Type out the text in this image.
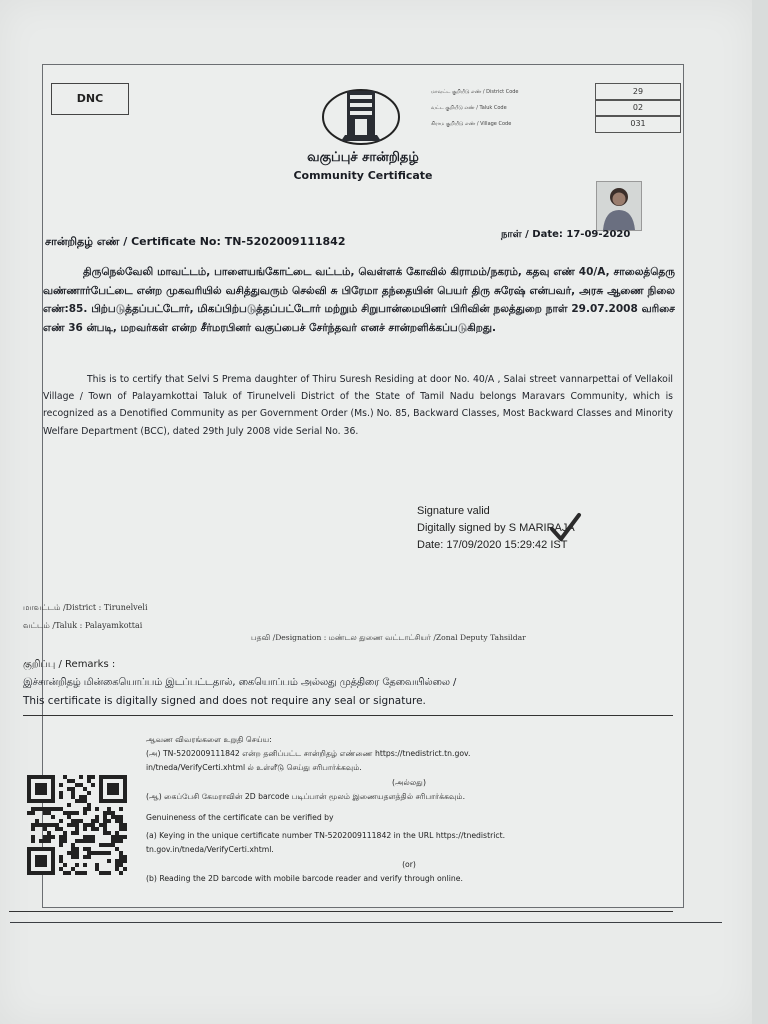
DNC	மாவட்ட குறியீடு எண் / District Code	29
வட்ட குறியீடு எண் / Taluk Code	02
கிராம குறியீடு எண் / Village Code	031
வகுப்புச் சான்றிதழ்
Community Certificate
சான்றிதழ் எண் / Certificate No: TN-5202009111842
நாள் / Date: 17-09-2020
திருநெல்வேலி மாவட்டம், பாளையங்கோட்டை வட்டம், வெள்ளக் கோவில் கிராமம்/நகரம், கதவு எண் 40/A, சாலைத்தெரு வண்ணார்பேட்டை என்ற முகவரியில் வசித்துவரும் செல்வி சு பிரேமா தந்தையின் பெயர் திரு சுரேஷ் என்பவர், அரசு ஆணை நிலை எண்:85. பிற்படுத்தப்பட்டோர், மிகப்பிற்படுத்தப்பட்டோர் மற்றும் சிறுபான்மையினர் பிரிவின் நலத்துறை நாள் 29.07.2008 வரிசை எண் 36 ன்படி, மறவர்கள் என்ற சீர்மரபினர் வகுப்பைச் சேர்ந்தவர் எனச் சான்றளிக்கப்படுகிறது.
This is to certify that Selvi S Prema daughter of Thiru Suresh Residing at door No. 40/A , Salai street vannarpettai of Vellakoil Village / Town of Palayamkottai Taluk of Tirunelveli District of the State of Tamil Nadu belongs Maravars Community, which is recognized as a Denotified Community as per Government Order (Ms.) No. 85, Backward Classes, Most Backward Classes and Minority Welfare Department (BCC), dated 29th July 2008 vide Serial No. 36.
Signature valid
Digitally signed by S MARIRAJA
Date: 17/09/2020 15:29:42 IST
மாவட்டம் /District : Tirunelveli
வட்டம் /Taluk : Palayamkottai
பதவி /Designation : மண்டல துணை வட்டாட்சியர் /Zonal Deputy Tahsildar
குறிப்பு / Remarks :
இச்சான்றிதழ் மின்கையொப்பம் இடப்பட்டதால், கையொப்பம் அல்லது முத்திரை தேவையில்லை /
This certificate is digitally signed and does not require any seal or signature.
ஆவண விவரங்களை உறுதி செய்ய:
(அ) TN-5202009111842 என்ற தனிப்பட்ட சான்றிதழ் எண்ணை https://tnedistrict.tn.gov.
in/tneda/VerifyCerti.xhtml ல் உள்ளீடு செய்து சரிபார்க்கவும்.
(அல்லது)
(ஆ) கைப்பேசி கேமராவின் 2D barcode படிப்பான் மூலம் இணையதளத்தில் சரிபார்க்கவும்.
Genuineness of the certificate can be verified by
(a) Keying in the unique certificate number TN-5202009111842 in the URL https://tnedistrict.
tn.gov.in/tneda/VerifyCerti.xhtml.
(or)
(b) Reading the 2D barcode with mobile barcode reader and verify through online.
